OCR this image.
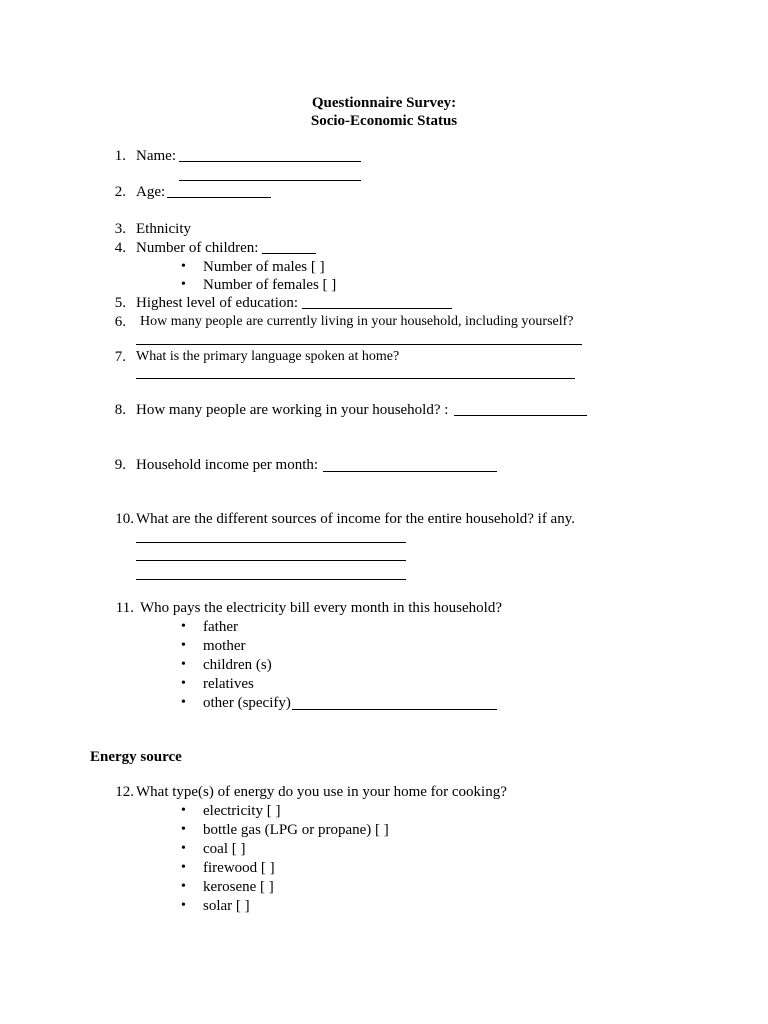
Questionnaire Survey:
Socio-Economic Status
1. Name:
2. Age:
3. Ethnicity
4. Number of children:
• Number of males [ ]
• Number of females [ ]
5. Highest level of education:
6. How many people are currently living in your household, including yourself?
7. What is the primary language spoken at home?
8. How many people are working in your household? :
9. Household income per month:
10. What are the different sources of income for the entire household? if any.
11. Who pays the electricity bill every month in this household?
• father
• mother
• children (s)
• relatives
• other (specify)
Energy source
12. What type(s) of energy do you use in your home for cooking?
• electricity [ ]
• bottle gas (LPG or propane) [ ]
• coal [ ]
• firewood [ ]
• kerosene [ ]
• solar [ ]
